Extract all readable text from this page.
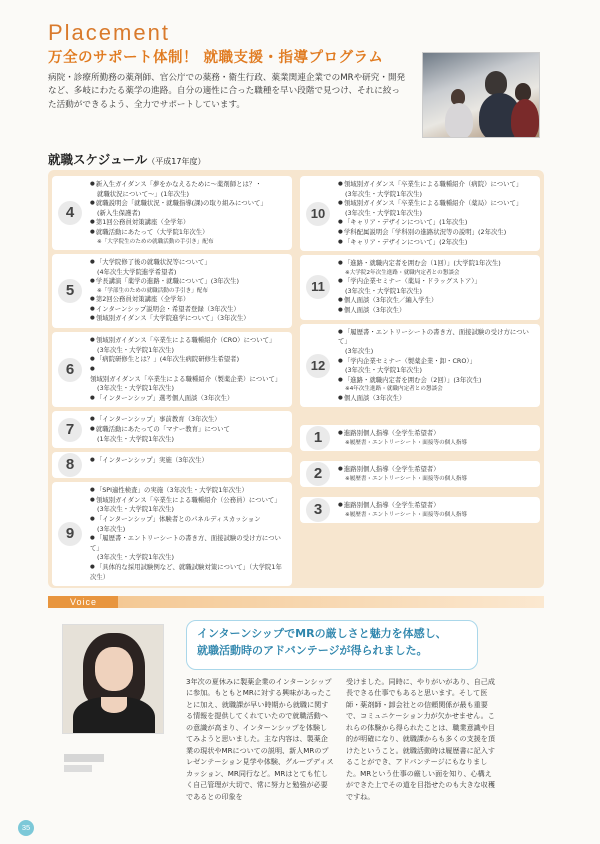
Placement
万全のサポート体制！ 就職支援・指導プログラム
病院・診療所勤務の薬剤師、官公庁での薬務・衛生行政、薬業関連企業でのMRや研究・開発など、多岐にわたる薬学の進路。自分の適性に合った職種を早い段階で見つけ、それに絞った活動ができるよう、全力でサポートしています。
就職スケジュール（平成17年度）
4
● 新入生ガイダンス「夢をかなえるために～薬剤師とは？・
就職状況について～」(1年次生)
● 就職説明会「就職状況・就職指導(課)の取り組みについて」
(新入生保護者)
● 第1回公務員対策講座（全学年）
● 就職活動にあたって（大学院1年次生）
※ 「大学院生のための就職活動の手引き」配布
5
● 「大学院修了後の就職状況等について」
(4年次生大学院進学希望者)
● 学長講演「薬学の進路・就職について」(3年次生)
※ 「学部生のための就職活動の手引き」配布
● 第2回公務員対策講座（全学年）
● インターンシップ説明会・希望者登録（3年次生）
● 領域別ガイダンス「大学院進学について」（3年次生）
6
● 領域別ガイダンス「卒業生による職種紹介（CRO）について」
(3年次生・大学院1年次生)
● 「病院研修生とは？」(4年次生病院研修生希望者)
● 領域別ガイダンス「卒業生による職種紹介（製薬企業）について」
(3年次生・大学院1年次生)
● 「インターンシップ」選考個人面談（3年次生）
7
● 「インターンシップ」事前教育（3年次生）
● 就職活動にあたっての「マナー教育」について
(1年次生・大学院1年次生)
8	● 「インターンシップ」実施（3年次生）
9
● 「SPI適性検査」の実施（3年次生・大学院1年次生）
● 領域別ガイダンス「卒業生による職種紹介（公務員）について」
(3年次生・大学院1年次生)
● 「インターンシップ」体験者とのパネルディスカッション
(3年次生)
● 「履歴書・エントリーシートの書き方、面接試験の受け方について」
(3年次生・大学院1年次生)
● 「具体的な採用試験例など、就職試験対策について」（大学院1年次生）
10
● 領域別ガイダンス「卒業生による職種紹介（病院）について」
(3年次生・大学院1年次生)
● 領域別ガイダンス「卒業生による職種紹介（薬局）について」
(3年次生・大学院1年次生)
● 「キャリア・デザインについて」(1年次生)
● 学科配属説明会「学科別の進路状況等の説明」(2年次生)
● 「キャリア・デザインについて」(2年次生)
11
● 「進路・就職内定者を囲む会（1回）」(大学院1年次生)
※ 大学院2年次生進路・就職内定者との懇談会
● 「学内企業セミナー（薬局・ドラッグストア）」
(3年次生・大学院1年次生)
● 個人面談（3年次生／編入学生）
● 個人面談（3年次生）
12
● 「履歴書・エントリーシートの書き方、面接試験の受け方について」
(3年次生)
● 「学内企業セミナー（製薬企業・卸・CRO）」
(3年次生・大学院1年次生)
● 「進路・就職内定者を囲む会（2回）」(3年次生)
※ 4年次生進路・就職内定者との懇談会
● 個人面談（3年次生）
1	● 進路別個人指導（全学生希望者）
※ 履歴書・エントリーシート・面接等の個人指導
2	● 進路別個人指導（全学生希望者）
※ 履歴書・エントリーシート・面接等の個人指導
3	● 進路別個人指導（全学生希望者）
※ 履歴書・エントリーシート・面接等の個人指導
Voice
インターンシップでMRの厳しさと魅力を体感し、
就職活動時のアドバンテージが得られました。
3年次の夏休みに製薬企業のインターンシップに参加。もともとMRに対する興味があったことに加え、就職課が早い時期から就職に関する情報を提供してくれていたので就職活動への意識が高まり、インターンシップを体験してみようと思いました。主な内容は、製薬企業の現状やMRについての説明、新人MRのプレゼンテーション見学や体験、グループディスカッション、MR同行など。MRはとても忙しく自己管理が大切で、常に努力と勉強が必要であるとの印象を
受けました。同時に、やりがいがあり、自己成長できる仕事でもあると思います。そして医師・薬剤師・卸会社との信頼関係が最も重要で、コミュニケーション力が欠かせません。これらの体験から得られたことは、職業意識や目的が明確になり、就職課からも多くの支援を頂けたということ。就職活動時は履歴書に記入することができ、アドバンテージにもなりました。MRという仕事の厳しい面を知り、心構えができた上でその道を目指せたのも大きな収穫ですね。
35
